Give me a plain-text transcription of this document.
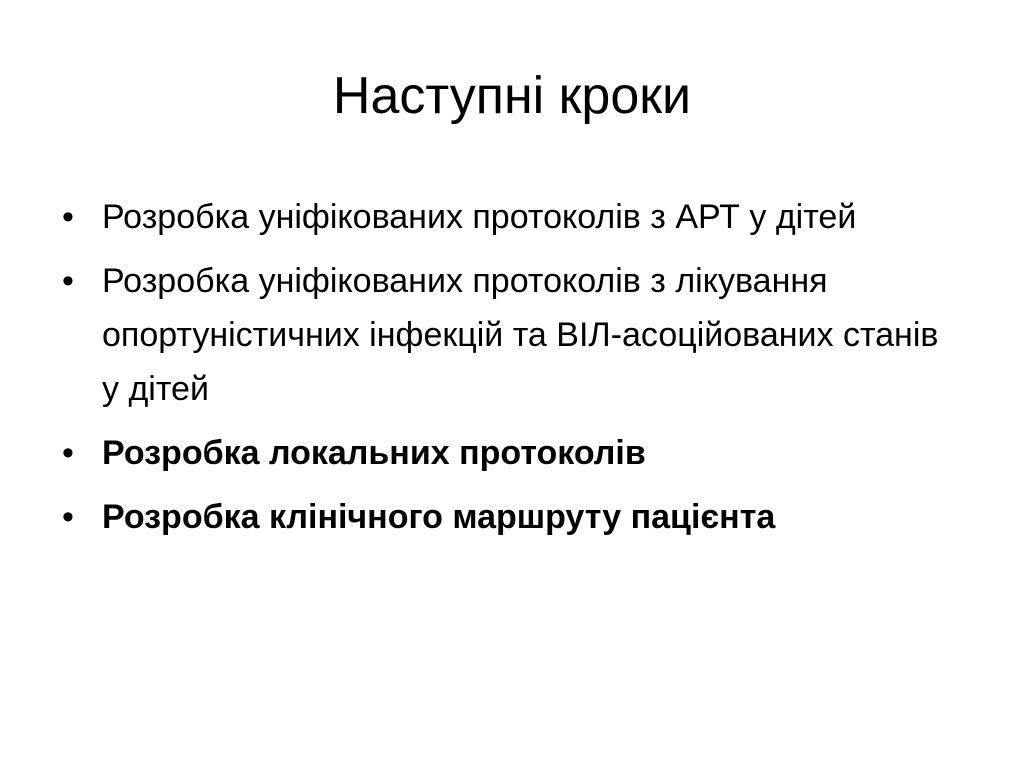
Наступні кроки
• Розробка уніфікованих протоколів з АРТ у дітей
• Розробка уніфікованих протоколів з лікування опортуністичних інфекцій та ВІЛ-асоційованих станів у дітей
• Розробка локальних протоколів
• Розробка клінічного маршруту пацієнта
